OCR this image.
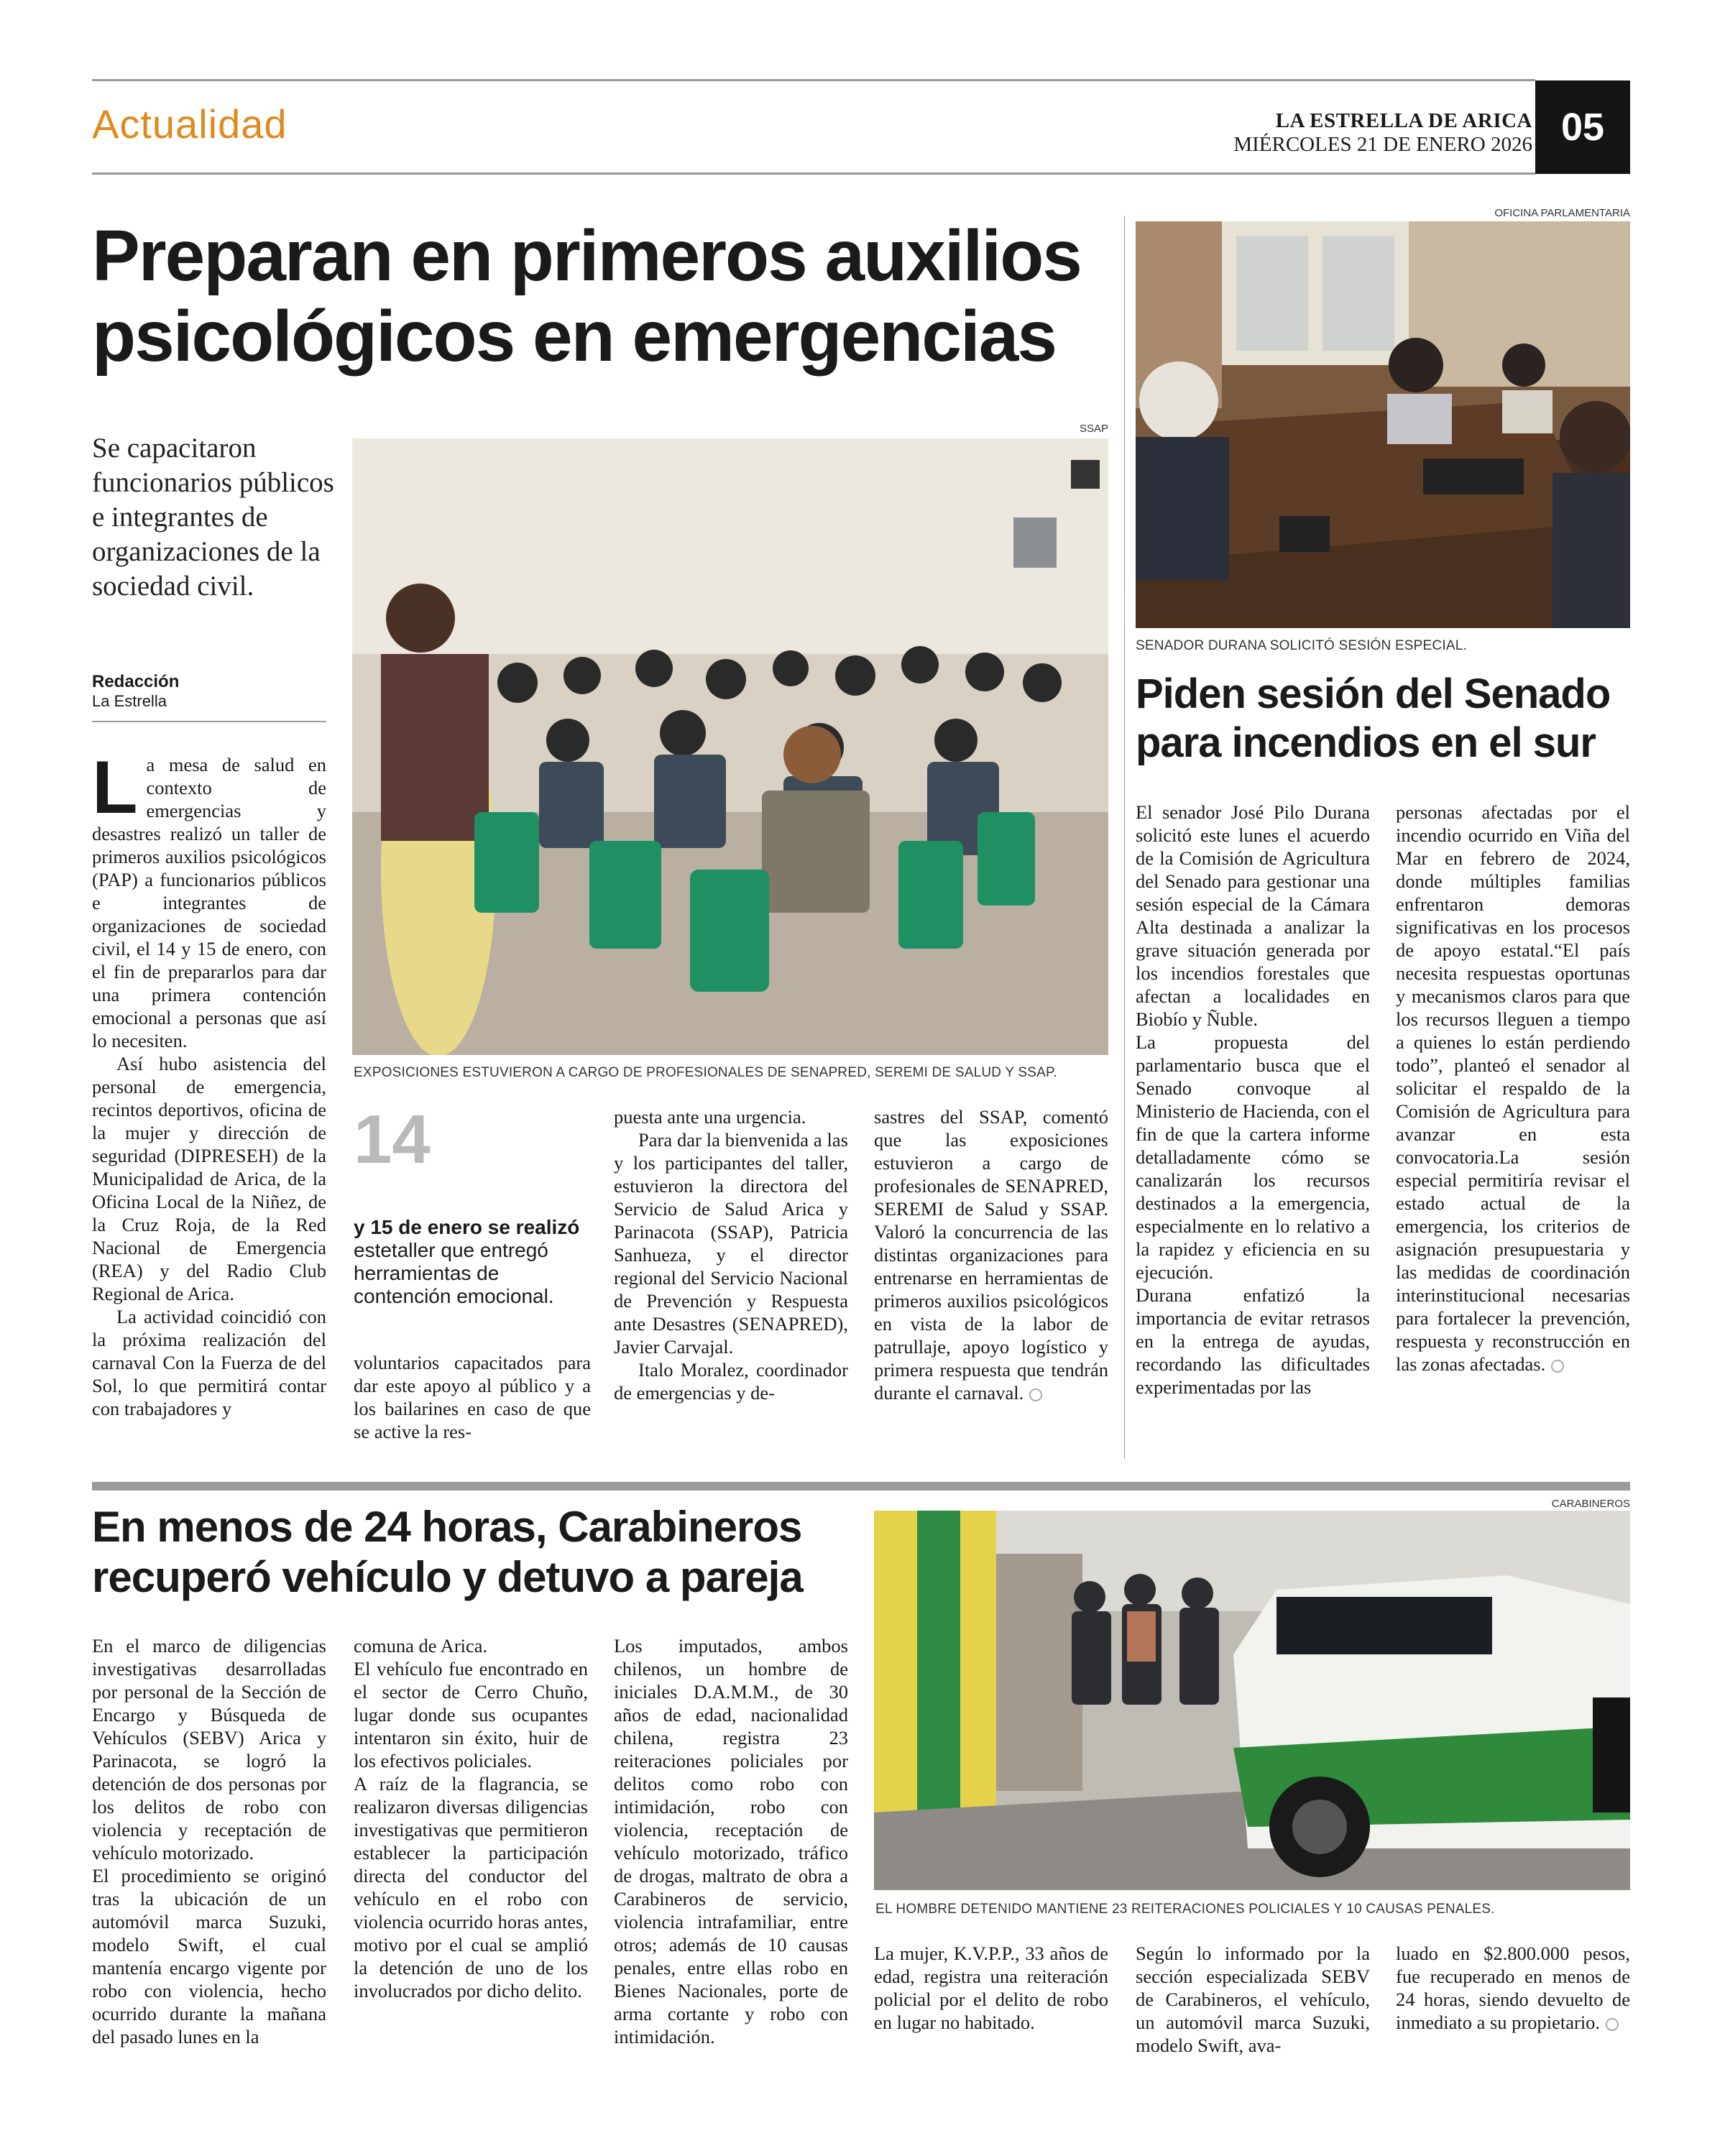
Actualidad	LA ESTRELLA DE ARICA
MIÉRCOLES 21 DE ENERO 2026 05
Preparan en primeros auxilios
psicológicos en emergencias
Se capacitaron funcionarios públicos e integrantes de organizaciones de la sociedad civil.
Redacción
La Estrella
SSAP
EXPOSICIONES ESTUVIERON A CARGO DE PROFESIONALES DE SENAPRED, SEREMI DE SALUD Y SSAP.

La mesa de salud en contexto de emergencias y desastres realizó un taller de primeros auxilios psicológicos (PAP) a funcionarios públicos e integrantes de organizaciones de sociedad civil, el 14 y 15 de enero, con el fin de prepararlos para dar una primera contención emocional a personas que así lo necesiten.

Así hubo asistencia del personal de emergencia, recintos deportivos, oficina de la mujer y dirección de seguridad (DIPRESEH) de la Municipalidad de Arica, de la Oficina Local de la Niñez, de la Cruz Roja, de la Red Nacional de Emergencia (REA) y del Radio Club Regional de Arica.

La actividad coincidió con la próxima realización del carnaval Con la Fuerza de del Sol, lo que permitirá contar con trabajadores y

14
y 15 de enero se realizó
estetaller que entregó herramientas de contención emocional.

voluntarios capacitados para dar este apoyo al público y a los bailarines en caso de que se active la res-

puesta ante una urgencia.

Para dar la bienvenida a las y los participantes del taller, estuvieron la directora del Servicio de Salud Arica y Parinacota (SSAP), Patricia Sanhueza, y el director regional del Servicio Nacional de Prevención y Respuesta ante Desastres (SENAPRED), Javier Carvajal.

Italo Moralez, coordinador de emergencias y de-

sastres del SSAP, comentó que las exposiciones estuvieron a cargo de profesionales de SENAPRED, SEREMI de Salud y SSAP. Valoró la concurrencia de las distintas organizaciones para entrenarse en herramientas de primeros auxilios psicológicos en vista de la labor de patrullaje, apoyo logístico y primera respuesta que tendrán durante el carnaval.

OFICINA PARLAMENTARIA
SENADOR DURANA SOLICITÓ SESIÓN ESPECIAL.
Piden sesión del Senado
para incendios en el sur

El senador José Pilo Durana solicitó este lunes el acuerdo de la Comisión de Agricultura del Senado para gestionar una sesión especial de la Cámara Alta destinada a analizar la grave situación generada por los incendios forestales que afectan a localidades en Biobío y Ñuble.

La propuesta del parlamentario busca que el Senado convoque al Ministerio de Hacienda, con el fin de que la cartera informe detalladamente cómo se canalizarán los recursos destinados a la emergencia, especialmente en lo relativo a la rapidez y eficiencia en su ejecución.

Durana enfatizó la importancia de evitar retrasos en la entrega de ayudas, recordando las dificultades experimentadas por las

personas afectadas por el incendio ocurrido en Viña del Mar en febrero de 2024, donde múltiples familias enfrentaron demoras significativas en los procesos de apoyo estatal.“El país necesita respuestas oportunas y mecanismos claros para que los recursos lleguen a tiempo a quienes lo están perdiendo todo”, planteó el senador al solicitar el respaldo de la Comisión de Agricultura para avanzar en esta convocatoria.La sesión especial permitiría revisar el estado actual de la emergencia, los criterios de asignación presupuestaria y las medidas de coordinación interinstitucional necesarias para fortalecer la prevención, respuesta y reconstrucción en las zonas afectadas.

En menos de 24 horas, Carabineros
recuperó vehículo y detuvo a pareja
CARABINEROS
EL HOMBRE DETENIDO MANTIENE 23 REITERACIONES POLICIALES Y 10 CAUSAS PENALES.

En el marco de diligencias investigativas desarrolladas por personal de la Sección de Encargo y Búsqueda de Vehículos (SEBV) Arica y Parinacota, se logró la detención de dos personas por los delitos de robo con violencia y receptación de vehículo motorizado.

El procedimiento se originó tras la ubicación de un automóvil marca Suzuki, modelo Swift, el cual mantenía encargo vigente por robo con violencia, hecho ocurrido durante la mañana del pasado lunes en la

comuna de Arica.

El vehículo fue encontrado en el sector de Cerro Chuño, lugar donde sus ocupantes intentaron sin éxito, huir de los efectivos policiales.

A raíz de la flagrancia, se realizaron diversas diligencias investigativas que permitieron establecer la participación directa del conductor del vehículo en el robo con violencia ocurrido horas antes, motivo por el cual se amplió la detención de uno de los involucrados por dicho delito.

Los imputados, ambos chilenos, un hombre de iniciales D.A.M.M., de 30 años de edad, nacionalidad chilena, registra 23 reiteraciones policiales por delitos como robo con intimidación, robo con violencia, receptación de vehículo motorizado, tráfico de drogas, maltrato de obra a Carabineros de servicio, violencia intrafamiliar, entre otros; además de 10 causas penales, entre ellas robo en Bienes Nacionales, porte de arma cortante y robo con intimidación.

La mujer, K.V.P.P., 33 años de edad, registra una reiteración policial por el delito de robo en lugar no habitado.

Según lo informado por la sección especializada SEBV de Carabineros, el vehículo, un automóvil marca Suzuki, modelo Swift, ava-

luado en $2.800.000 pesos, fue recuperado en menos de 24 horas, siendo devuelto de inmediato a su propietario.
